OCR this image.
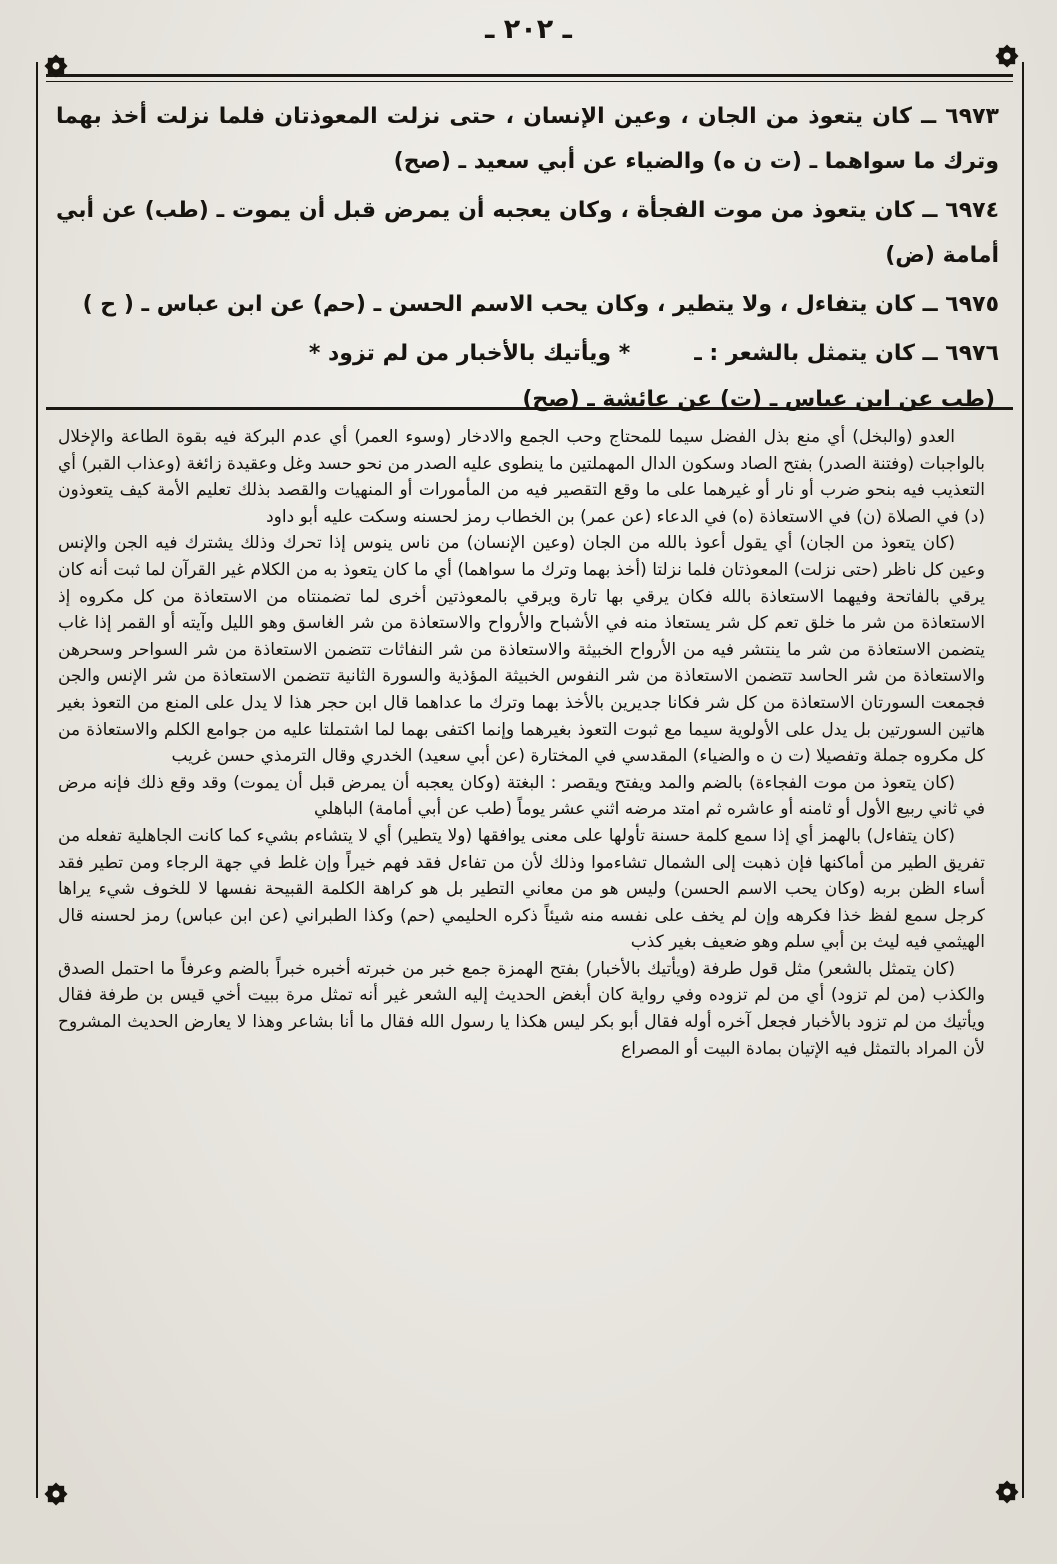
ـ ٢٠٢ ـ
٦٩٧٣ ــ كان يتعوذ من الجان ، وعين الإنسان ، حتى نزلت المعوذتان فلما نزلت أخذ بهما وترك ما سواهما ـ (ت ن ه) والضياء عن أبي سعيد ـ (صح)
٦٩٧٤ ــ كان يتعوذ من موت الفجأة ، وكان يعجبه أن يمرض قبل أن يموت ـ (طب) عن أبي أمامة (ض)
٦٩٧٥ ــ كان يتفاءل ، ولا يتطير ، وكان يحب الاسم الحسن ـ (حم) عن ابن عباس ـ ( ح )
٦٩٧٦ ــ كان يتمثل بالشعر : ـ
* ويأتيك بالأخبار من لم تزود *
(طب عن ابن عباس ـ (ت) عن عائشة ـ (صح)

العدو (والبخل) أي منع بذل الفضل سيما للمحتاج وحب الجمع والادخار (وسوء العمر) أي عدم البركة فيه بقوة الطاعة والإخلال بالواجبات (وفتنة الصدر) بفتح الصاد وسكون الدال المهملتين ما ينطوى عليه الصدر من نحو حسد وغل وعقيدة زائغة (وعذاب القبر) أي التعذيب فيه بنحو ضرب أو نار أو غيرهما على ما وقع التقصير فيه من المأمورات أو المنهيات والقصد بذلك تعليم الأمة كيف يتعوذون (د) في الصلاة (ن) في الاستعاذة (ه) في الدعاء (عن عمر) بن الخطاب رمز لحسنه وسكت عليه أبو داود

(كان يتعوذ من الجان) أي يقول أعوذ بالله من الجان (وعين الإنسان) من ناس ينوس إذا تحرك وذلك يشترك فيه الجن والإنس وعين كل ناظر (حتى نزلت) المعوذتان فلما نزلتا (أخذ بهما وترك ما سواهما) أي ما كان يتعوذ به من الكلام غير القرآن لما ثبت أنه كان يرقي بالفاتحة وفيهما الاستعاذة بالله فكان يرقي بها تارة ويرقي بالمعوذتين أخرى لما تضمنتاه من الاستعاذة من كل مكروه إذ الاستعاذة من شر ما خلق تعم كل شر يستعاذ منه في الأشباح والأرواح والاستعاذة من شر الغاسق وهو الليل وآيته أو القمر إذا غاب يتضمن الاستعاذة من شر ما ينتشر فيه من الأرواح الخبيثة والاستعاذة من شر النفاثات تتضمن الاستعاذة من شر السواحر وسحرهن والاستعاذة من شر الحاسد تتضمن الاستعاذة من شر النفوس الخبيثة المؤذية والسورة الثانية تتضمن الاستعاذة من شر الإنس والجن فجمعت السورتان الاستعاذة من كل شر فكانا جديرين بالأخذ بهما وترك ما عداهما قال ابن حجر هذا لا يدل على المنع من التعوذ بغير هاتين السورتين بل يدل على الأولوية سيما مع ثبوت التعوذ بغيرهما وإنما اكتفى بهما لما اشتملتا عليه من جوامع الكلم والاستعاذة من كل مكروه جملة وتفصيلا (ت ن ه والضياء) المقدسي في المختارة (عن أبي سعيد) الخدري وقال الترمذي حسن غريب

(كان يتعوذ من موت الفجاءة) بالضم والمد ويفتح ويقصر : البغتة (وكان يعجبه أن يمرض قبل أن يموت) وقد وقع ذلك فإنه مرض في ثاني ربيع الأول أو ثامنه أو عاشره ثم امتد مرضه اثني عشر يوماً (طب عن أبي أمامة) الباهلي

(كان يتفاءل) بالهمز أي إذا سمع كلمة حسنة تأولها على معنى يوافقها (ولا يتطير) أي لا يتشاءم بشيء كما كانت الجاهلية تفعله من تفريق الطير من أماكنها فإن ذهبت إلى الشمال تشاءموا وذلك لأن من تفاءل فقد فهم خيراً وإن غلط في جهة الرجاء ومن تطير فقد أساء الظن بربه (وكان يحب الاسم الحسن) وليس هو من معاني التطير بل هو كراهة الكلمة القبيحة نفسها لا للخوف شيء يراها كرجل سمع لفظ خذا فكرهه وإن لم يخف على نفسه منه شيئاً ذكره الحليمي (حم) وكذا الطبراني (عن ابن عباس) رمز لحسنه قال الهيثمي فيه ليث بن أبي سلم وهو ضعيف بغير كذب

(كان يتمثل بالشعر) مثل قول طرفة (ويأتيك بالأخبار) بفتح الهمزة جمع خبر من خبرته أخبره خبراً بالضم وعرفاً ما احتمل الصدق والكذب (من لم تزود) أي من لم تزوده وفي رواية كان أبغض الحديث إليه الشعر غير أنه تمثل مرة ببيت أخي قيس بن طرفة فقال ويأتيك من لم تزود بالأخبار فجعل آخره أوله فقال أبو بكر ليس هكذا يا رسول الله فقال ما أنا بشاعر وهذا لا يعارض الحديث المشروح لأن المراد بالتمثل فيه الإتيان بمادة البيت أو المصراع
